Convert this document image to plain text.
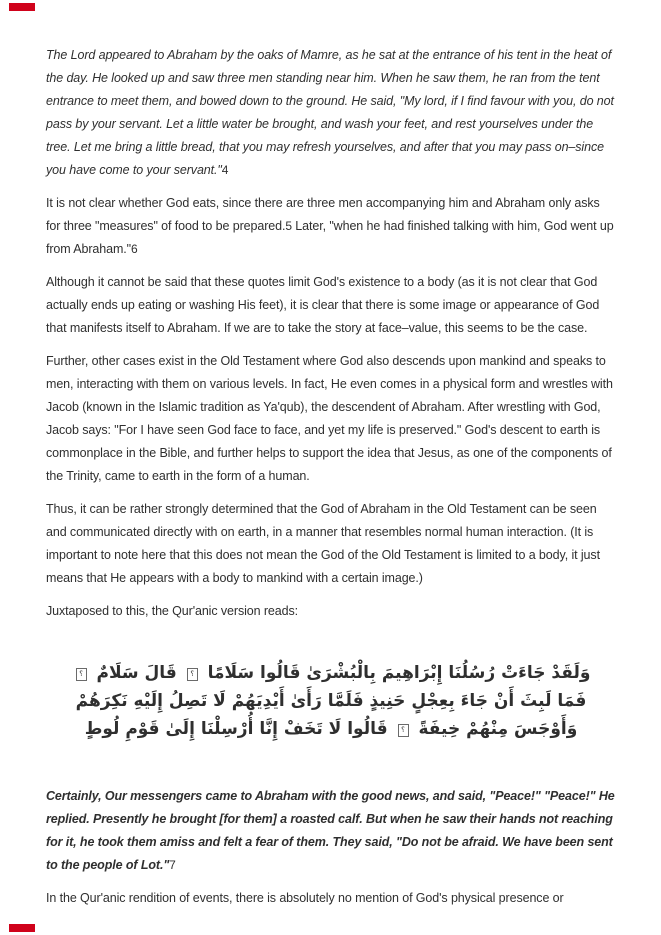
The Lord appeared to Abraham by the oaks of Mamre, as he sat at the entrance of his tent in the heat of the day. He looked up and saw three men standing near him. When he saw them, he ran from the tent entrance to meet them, and bowed down to the ground. He said, "My lord, if I find favour with you, do not pass by your servant. Let a little water be brought, and wash your feet, and rest yourselves under the tree. Let me bring a little bread, that you may refresh yourselves, and after that you may pass on–since you have come to your servant."4

It is not clear whether God eats, since there are three men accompanying him and Abraham only asks for three "measures" of food to be prepared.5 Later, "when he had finished talking with him, God went up from Abraham."6

Although it cannot be said that these quotes limit God's existence to a body (as it is not clear that God actually ends up eating or washing His feet), it is clear that there is some image or appearance of God that manifests itself to Abraham. If we are to take the story at face–value, this seems to be the case.

Further, other cases exist in the Old Testament where God also descends upon mankind and speaks to men, interacting with them on various levels. In fact, He even comes in a physical form and wrestles with Jacob (known in the Islamic tradition as Ya'qub), the descendent of Abraham. After wrestling with God, Jacob says: "For I have seen God face to face, and yet my life is preserved." God's descent to earth is commonplace in the Bible, and further helps to support the idea that Jesus, as one of the components of the Trinity, came to earth in the form of a human.

Thus, it can be rather strongly determined that the God of Abraham in the Old Testament can be seen and communicated directly with on earth, in a manner that resembles normal human interaction. (It is important to note here that this does not mean the God of the Old Testament is limited to a body, it just means that He appears with a body to mankind with a certain image.)

Juxtaposed to this, the Qur'anic version reads:

وَلَقَدْ جَاءَتْ رُسُلُنَا إِبْرَاهِيمَ بِالْبُشْرَىٰ قَالُوا سَلَامًا ؟ قَالَ سَلَامٌ ؟ فَمَا لَبِثَ أَنْ جَاءَ بِعِجْلٍ حَنِيذٍ فَلَمَّا رَأَىٰ أَيْدِيَهُمْ لَا تَصِلُ إِلَيْهِ نَكِرَهُمْ وَأَوْجَسَ مِنْهُمْ خِيفَةً ؟ قَالُوا لَا تَخَفْ إِنَّا أُرْسِلْنَا إِلَىٰ قَوْمِ لُوطٍ

Certainly, Our messengers came to Abraham with the good news, and said, "Peace!" "Peace!" He replied. Presently he brought [for them] a roasted calf. But when he saw their hands not reaching for it, he took them amiss and felt a fear of them. They said, "Do not be afraid. We have been sent to the people of Lot."7

In the Qur'anic rendition of events, there is absolutely no mention of God's physical presence or
